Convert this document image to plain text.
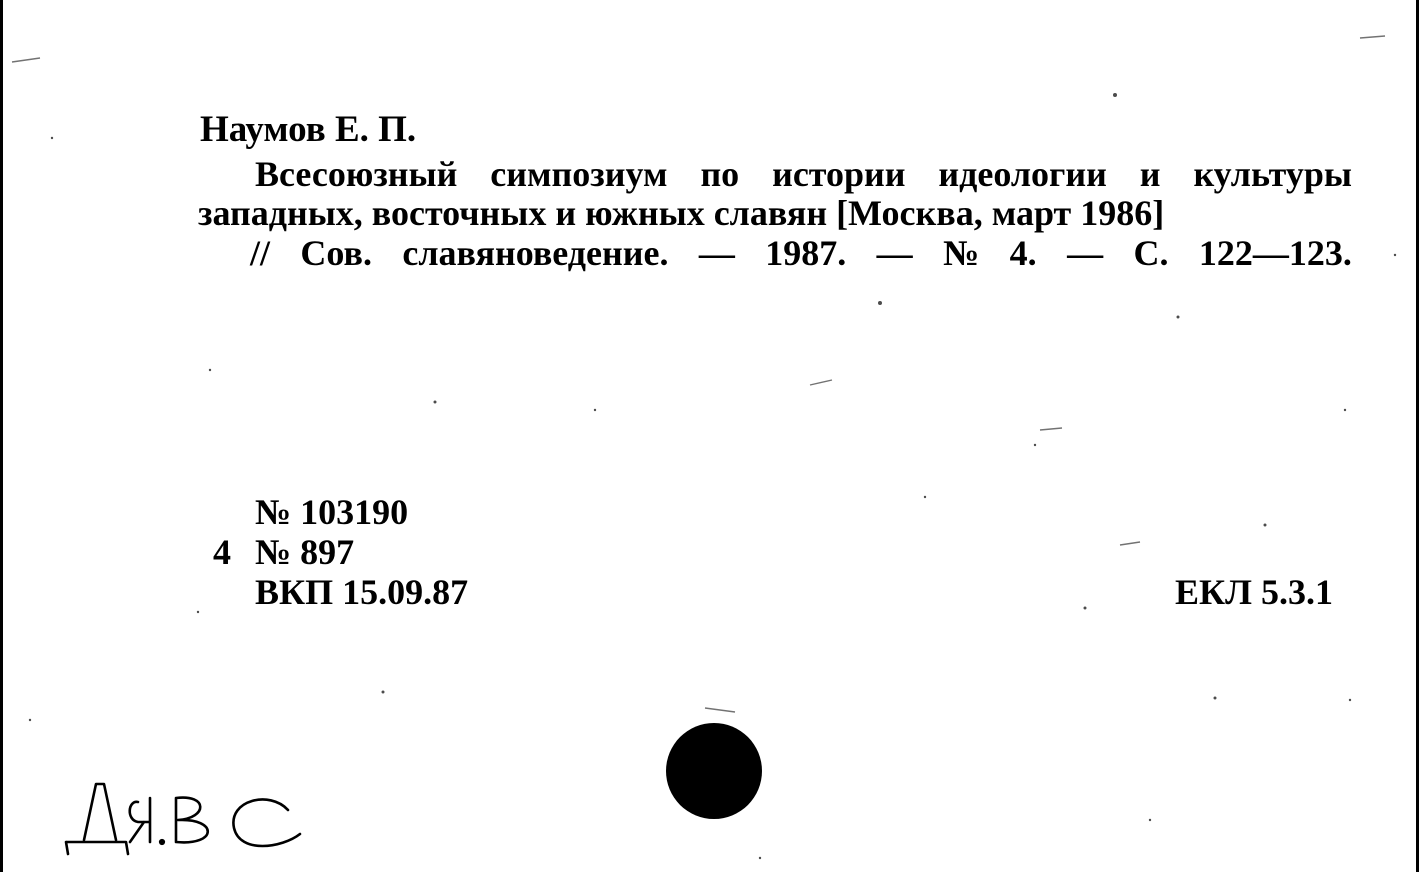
Наумов Е. П.
Всесоюзный симпозиум по истории идеологии и культуры
западных, восточных и южных славян [Москва, март 1986]
// Сов. славяноведение. — 1987. — № 4. — С. 122—123.
№ 103190
4 № 897
ВКП 15.09.87	ЕКЛ 5.3.1
